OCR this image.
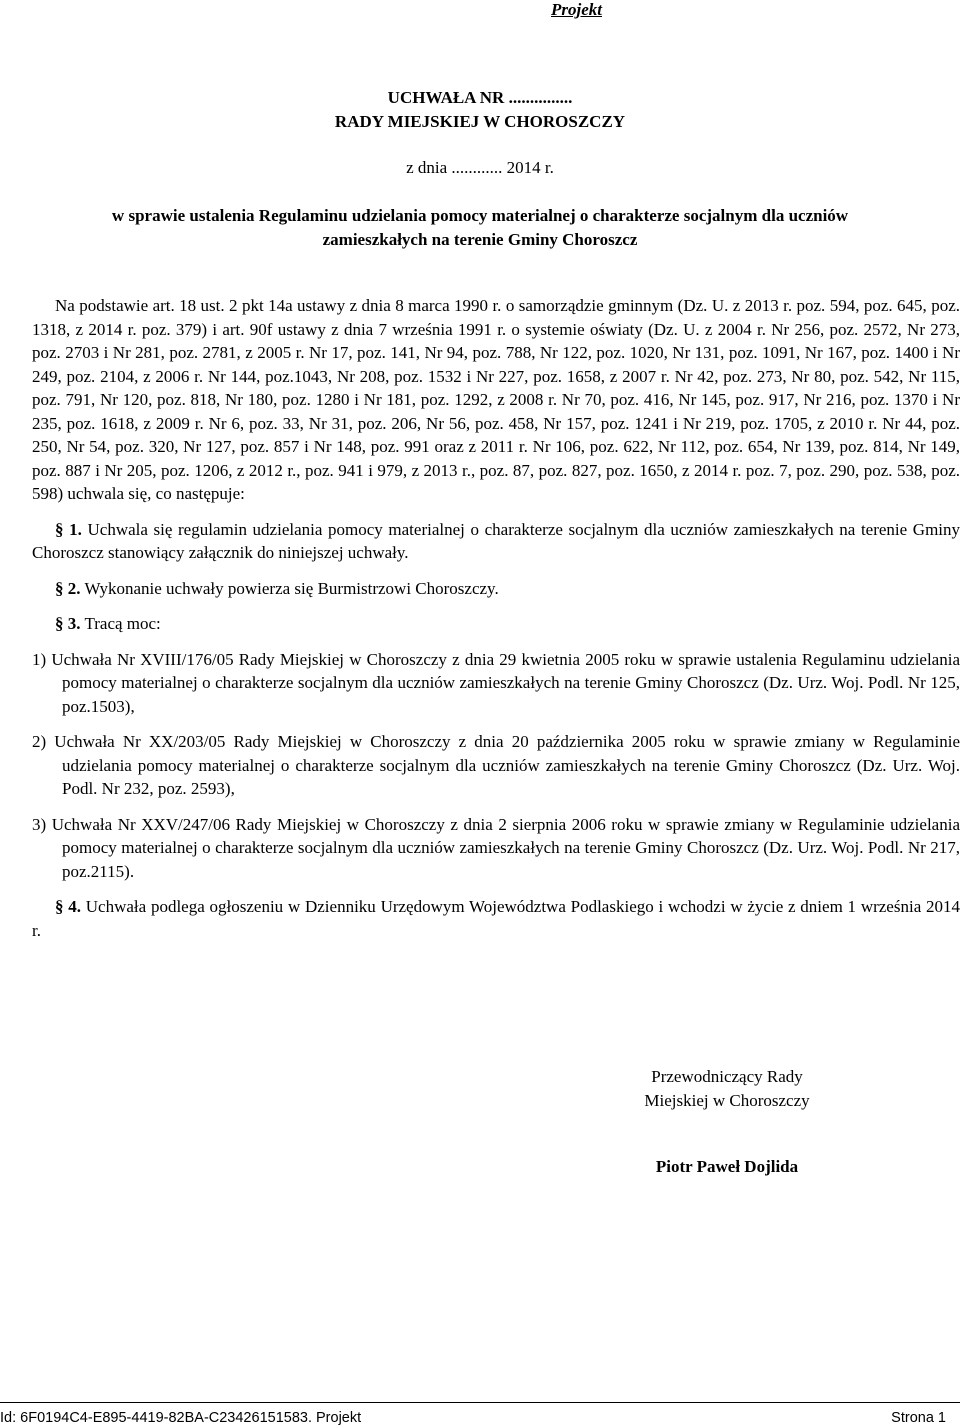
Projekt
UCHWAŁA NR ...............
RADY MIEJSKIEJ W CHOROSZCZY
z dnia ............ 2014 r.
w sprawie ustalenia Regulaminu udzielania pomocy materialnej o charakterze socjalnym dla uczniów
zamieszkałych na terenie Gminy Choroszcz

Na podstawie art. 18 ust. 2 pkt 14a ustawy z dnia 8 marca 1990 r. o samorządzie gminnym (Dz. U. z 2013 r. poz. 594, poz. 645, poz. 1318, z 2014 r. poz. 379) i art. 90f ustawy z dnia 7 września 1991 r. o systemie oświaty (Dz. U. z 2004 r. Nr 256, poz. 2572, Nr 273, poz. 2703 i Nr 281, poz. 2781, z 2005 r. Nr 17, poz. 141, Nr 94, poz. 788, Nr 122, poz. 1020, Nr 131, poz. 1091, Nr 167, poz. 1400 i Nr 249, poz. 2104, z 2006 r. Nr 144, poz.1043, Nr 208, poz. 1532 i Nr 227, poz. 1658, z 2007 r. Nr 42, poz. 273, Nr 80, poz. 542, Nr 115, poz. 791, Nr 120, poz. 818, Nr 180, poz. 1280 i Nr 181, poz. 1292, z 2008 r. Nr 70, poz. 416, Nr 145, poz. 917, Nr 216, poz. 1370 i Nr 235, poz. 1618, z 2009 r. Nr 6, poz. 33, Nr 31, poz. 206, Nr 56, poz. 458, Nr 157, poz. 1241 i Nr 219, poz. 1705, z 2010 r. Nr 44, poz. 250, Nr 54, poz. 320, Nr 127, poz. 857 i Nr 148, poz. 991 oraz z 2011 r. Nr 106, poz. 622, Nr 112, poz. 654, Nr 139, poz. 814, Nr 149, poz. 887 i Nr 205, poz. 1206, z 2012 r., poz. 941 i 979, z 2013 r., poz. 87, poz. 827, poz. 1650, z 2014 r. poz. 7, poz. 290, poz. 538, poz. 598) uchwala się, co następuje:

§ 1. Uchwala się regulamin udzielania pomocy materialnej o charakterze socjalnym dla uczniów zamieszkałych na terenie Gminy Choroszcz stanowiący załącznik do niniejszej uchwały.

§ 2. Wykonanie uchwały powierza się Burmistrzowi Choroszczy.

§ 3. Tracą moc:

1) Uchwała Nr XVIII/176/05 Rady Miejskiej w Choroszczy z dnia 29 kwietnia 2005 roku w sprawie ustalenia Regulaminu udzielania pomocy materialnej o charakterze socjalnym dla uczniów zamieszkałych na terenie Gminy Choroszcz (Dz. Urz. Woj. Podl. Nr 125, poz.1503),

2) Uchwała Nr XX/203/05 Rady Miejskiej w Choroszczy z dnia 20 października 2005 roku w sprawie zmiany w Regulaminie udzielania pomocy materialnej o charakterze socjalnym dla uczniów zamieszkałych na terenie Gminy Choroszcz (Dz. Urz. Woj. Podl. Nr 232, poz. 2593),

3) Uchwała Nr XXV/247/06 Rady Miejskiej w Choroszczy z dnia 2 sierpnia 2006 roku w sprawie zmiany w Regulaminie udzielania pomocy materialnej o charakterze socjalnym dla uczniów zamieszkałych na terenie Gminy Choroszcz (Dz. Urz. Woj. Podl. Nr 217, poz.2115).

§ 4. Uchwała podlega ogłoszeniu w Dzienniku Urzędowym Województwa Podlaskiego i wchodzi w życie z dniem 1 września 2014 r.

Przewodniczący Rady
Miejskiej w Choroszczy
Piotr Paweł Dojlida
Id: 6F0194C4-E895-4419-82BA-C23426151583. Projekt	Strona 1
